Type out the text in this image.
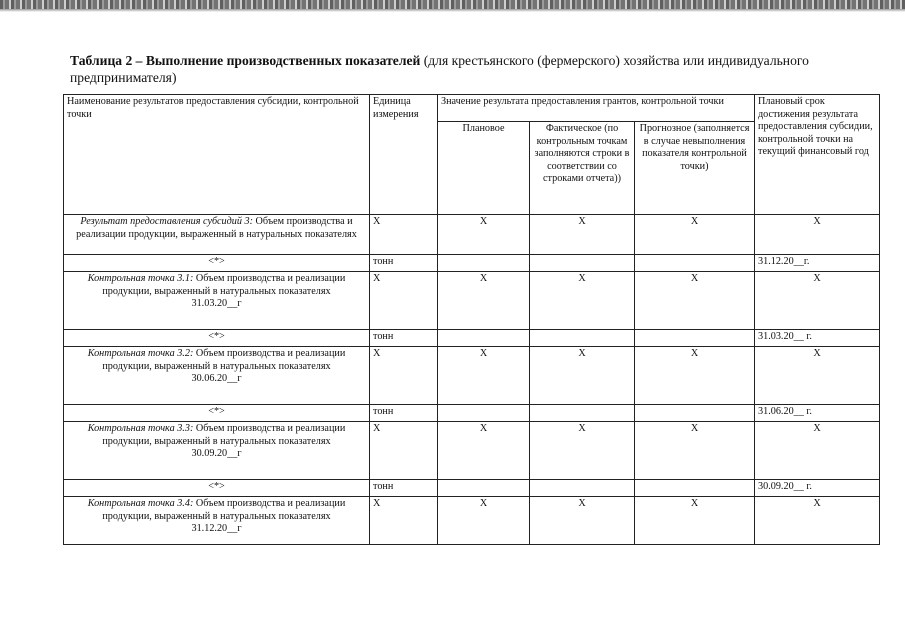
Таблица 2 – Выполнение производственных показателей (для крестьянского (фермерского) хозяйства или индивидуального предпринимателя)

Наименование результатов предоставления субсидии, контрольной точки	Единица измерения	Значение результата предоставления грантов, контрольной точки			Плановый срок достижения результата предоставления субсидии, контрольной точки на текущий финансовый год
		Плановое	Фактическое (по контрольным точкам заполняются строки в соответствии со строками отчета))	Прогнозное (заполняется в случае невыполнения показателя контрольной точки)	
Результат предоставления субсидий 3: Объем производства и реализации продукции, выраженный в натуральных показателях	Х	Х	Х	Х	Х
<*>	тонн				31.12.20__г.
Контрольная точка 3.1: Объем производства и реализации продукции, выраженный в натуральных показателях
31.03.20__г	Х	Х	Х	Х	Х
<*>	тонн				31.03.20__ г.
Контрольная точка 3.2: Объем производства и реализации продукции, выраженный в натуральных показателях
30.06.20__г	Х	Х	Х	Х	Х
<*>	тонн				31.06.20__ г.
Контрольная точка 3.3: Объем производства и реализации продукции, выраженный в натуральных показателях
30.09.20__г	Х	Х	Х	Х	Х
<*>	тонн				30.09.20__ г.
Контрольная точка 3.4: Объем производства и реализации продукции, выраженный в натуральных показателях
31.12.20__г	Х	Х	Х	Х	Х
